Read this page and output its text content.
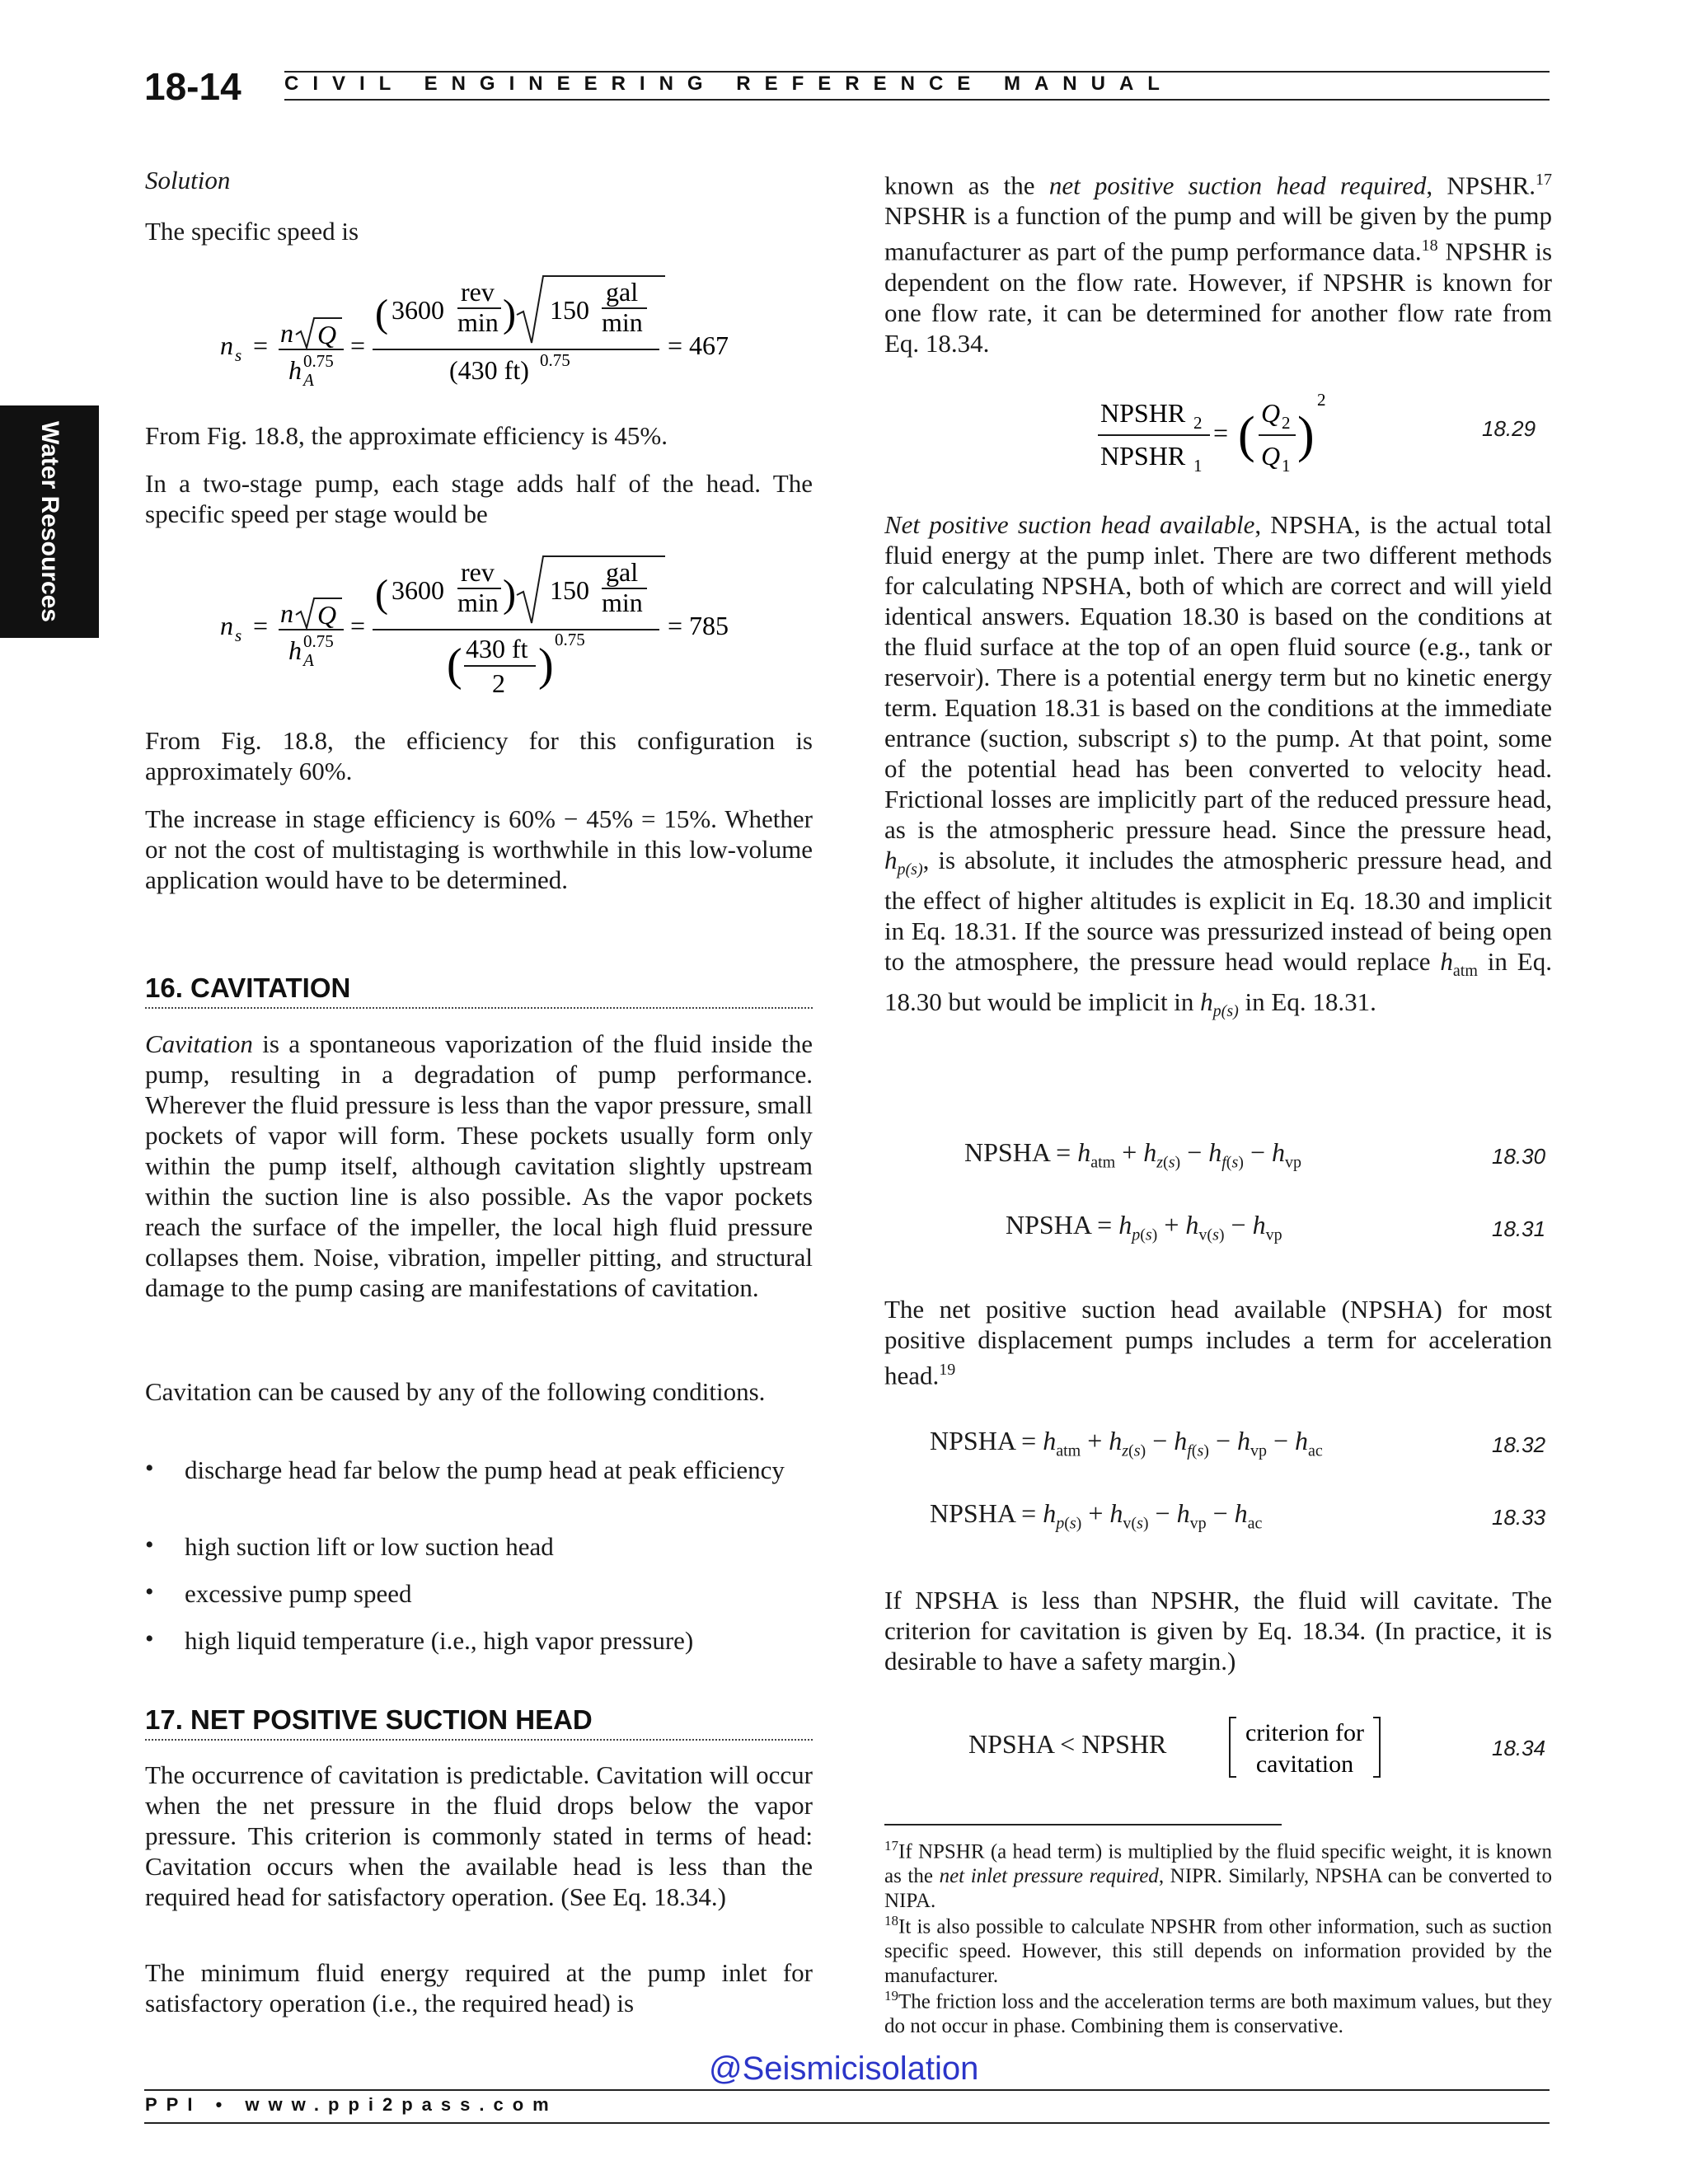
18-14 CIVIL ENGINEERING REFERENCE MANUAL
Water Resources
Solution
The specific speed is
n s = n Q
h 0.75
A
=
( 3600
rev
min ) 150
gal
min
(430 ft) 0.75	= 467
From Fig. 18.8, the approximate efficiency is 45%.
In a two-stage pump, each stage adds half of the head. The specific speed per stage would be
n s = n Q
h 0.75
A
=
( 3600
rev
min ) 150
gal
min
( 430 ft
2 ) 0.75	= 785
From Fig. 18.8, the efficiency for this configuration is approximately 60%.
The increase in stage efficiency is 60% − 45% = 15%. Whether or not the cost of multistaging is worthwhile in this low-volume application would have to be determined.
16. CAVITATION
Cavitation is a spontaneous vaporization of the fluid inside the pump, resulting in a degradation of pump performance. Wherever the fluid pressure is less than the vapor pressure, small pockets of vapor will form. These pockets usually form only within the pump itself, although cavitation slightly upstream within the suction line is also possible. As the vapor pockets reach the surface of the impeller, the local high fluid pressure collapses them. Noise, vibration, impeller pitting, and structural damage to the pump casing are manifestations of cavitation.
Cavitation can be caused by any of the following conditions.
• discharge head far below the pump head at peak efficiency
• high suction lift or low suction head
• excessive pump speed
• high liquid temperature (i.e., high vapor pressure)
17. NET POSITIVE SUCTION HEAD
The occurrence of cavitation is predictable. Cavitation will occur when the net pressure in the fluid drops below the vapor pressure. This criterion is commonly stated in terms of head: Cavitation occurs when the available head is less than the required head for satisfactory operation. (See Eq. 18.34.)
The minimum fluid energy required at the pump inlet for satisfactory operation (i.e., the required head) is
known as the net positive suction head required, NPSHR.$^{17}$ NPSHR is a function of the pump and will be given by the pump manufacturer as part of the pump performance data.$^{18}$ NPSHR is dependent on the flow rate. However, if NPSHR is known for one flow rate, it can be determined for another flow rate from Eq. 18.34.
NPSHR 2
NPSHR 1
= ( Q 2
Q 1
)
2
18.29
Net positive suction head available, NPSHA, is the actual total fluid energy at the pump inlet. There are two different methods for calculating NPSHA, both of which are correct and will yield identical answers. Equation 18.30 is based on the conditions at the fluid surface at the top of an open fluid source (e.g., tank or reservoir). There is a potential energy term but no kinetic energy term. Equation 18.31 is based on the conditions at the immediate entrance (suction, subscript s) to the pump. At that point, some of the potential head has been converted to velocity head. Frictional losses are implicitly part of the reduced pressure head, as is the atmospheric pressure head. Since the pressure head, $h_{p(s)}$, is absolute, it includes the atmospheric pressure head, and the effect of higher altitudes is explicit in Eq. 18.30 and implicit in Eq. 18.31. If the source was pressurized instead of being open to the atmosphere, the pressure head would replace $h_{atm}$ in Eq. 18.30 but would be implicit in $h_{p(s)}$ in Eq. 18.31.
NPSHA = $h_{atm} + h_{z(s)} - h_{f(s)} - h_{vp}$	18.30
NPSHA = $h_{p(s)} + h_{v(s)} - h_{vp}$	18.31
The net positive suction head available (NPSHA) for most positive displacement pumps includes a term for acceleration head.$^{19}$
NPSHA = $h_{atm} + h_{z(s)} - h_{f(s)} - h_{vp} - h_{ac}$	18.32
NPSHA = $h_{p(s)} + h_{v(s)} - h_{vp} - h_{ac}$	18.33
If NPSHA is less than NPSHR, the fluid will cavitate. The criterion for cavitation is given by Eq. 18.34. (In practice, it is desirable to have a safety margin.)
NPSHA < NPSHR	criterion for
cavitation
18.34
$^{17}$If NPSHR (a head term) is multiplied by the fluid specific weight, it is known as the net inlet pressure required, NIPR. Similarly, NPSHA can be converted to NIPA.
$^{18}$It is also possible to calculate NPSHR from other information, such as suction specific speed. However, this still depends on information provided by the manufacturer.
$^{19}$The friction loss and the acceleration terms are both maximum values, but they do not occur in phase. Combining them is conservative.
@Seismicisolation
PPI • www.ppi2pass.com
